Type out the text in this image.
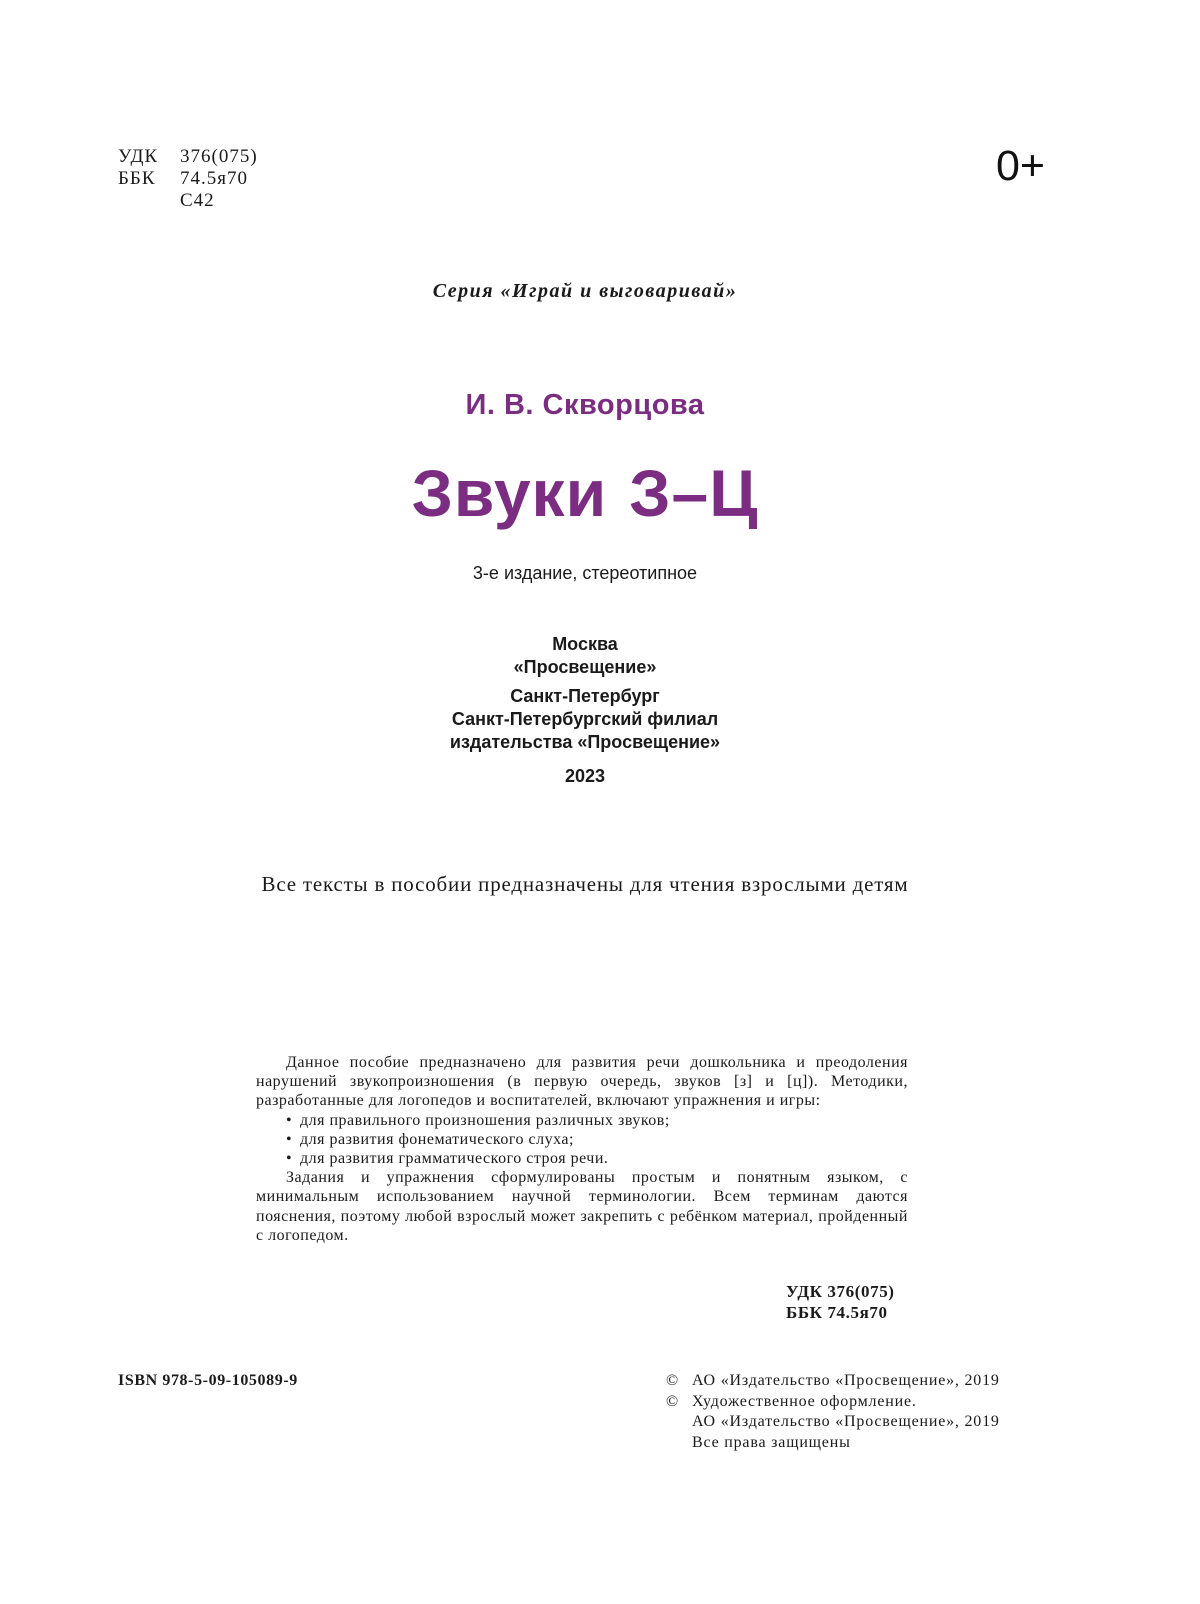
УДК 376(075)
ББК 74.5я70
С42
0+
Серия «Играй и выговаривай»
И. В. Скворцова
Звуки З–Ц
3-е издание, стереотипное
Москва
«Просвещение»
Санкт-Петербург
Санкт-Петербургский филиал
издательства «Просвещение»
2023
Все тексты в пособии предназначены для чтения взрослыми детям

Данное пособие предназначено для развития речи дошкольника и преодоления нарушений звукопроизношения (в первую очередь, звуков [з] и [ц]). Методики, разработанные для логопедов и воспитателей, включают упражнения и игры:

• для правильного произношения различных звуков;
• для развития фонематического слуха;
• для развития грамматического строя речи.

Задания и упражнения сформулированы простым и понятным языком, с минимальным использованием научной терминологии. Всем терминам даются пояснения, поэтому любой взрослый может закрепить с ребёнком материал, пройденный с логопедом.

УДК 376(075)
ББК 74.5я70
ISBN 978-5-09-105089-9	© АО «Издательство «Просвещение», 2019
© Художественное оформление.
АО «Издательство «Просвещение», 2019
Все права защищены
